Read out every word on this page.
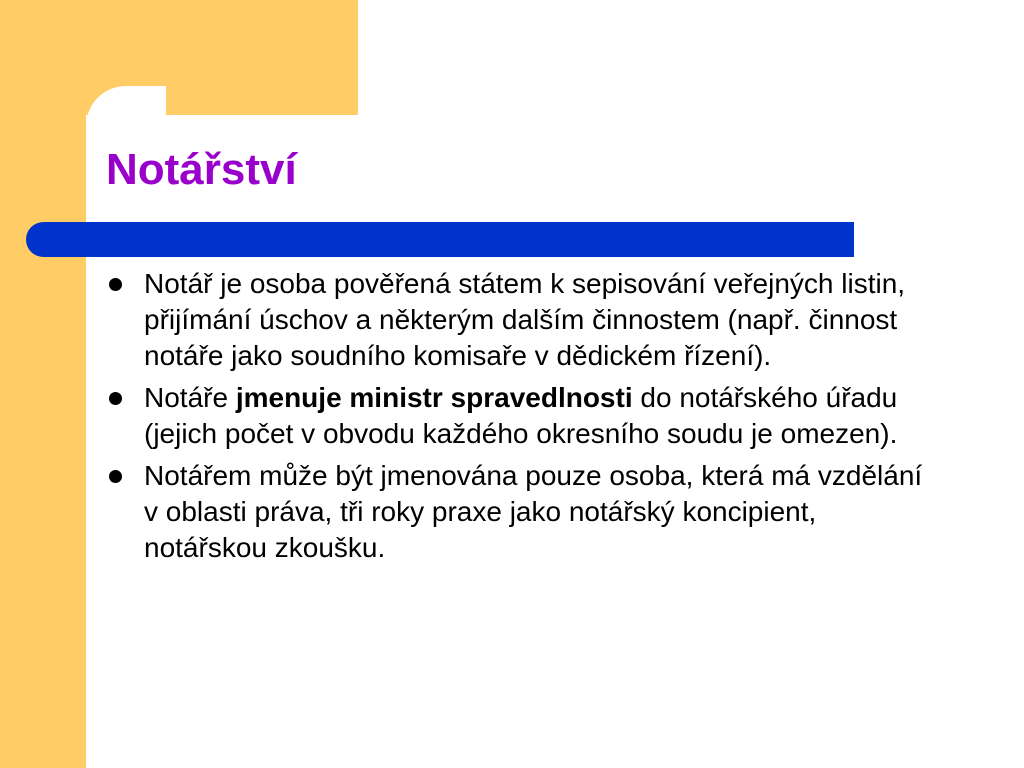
Notářství
Notář je osoba pověřená státem k sepisování veřejných listin, přijímání úschov a některým dalším činnostem (např. činnost notáře jako soudního komisaře v dědickém řízení).
Notáře jmenuje ministr spravedlnosti do notářského úřadu (jejich počet v obvodu každého okresního soudu je omezen).
Notářem může být jmenována pouze osoba, která má vzdělání v oblasti práva, tři roky praxe jako notářský koncipient, notářskou zkoušku.
